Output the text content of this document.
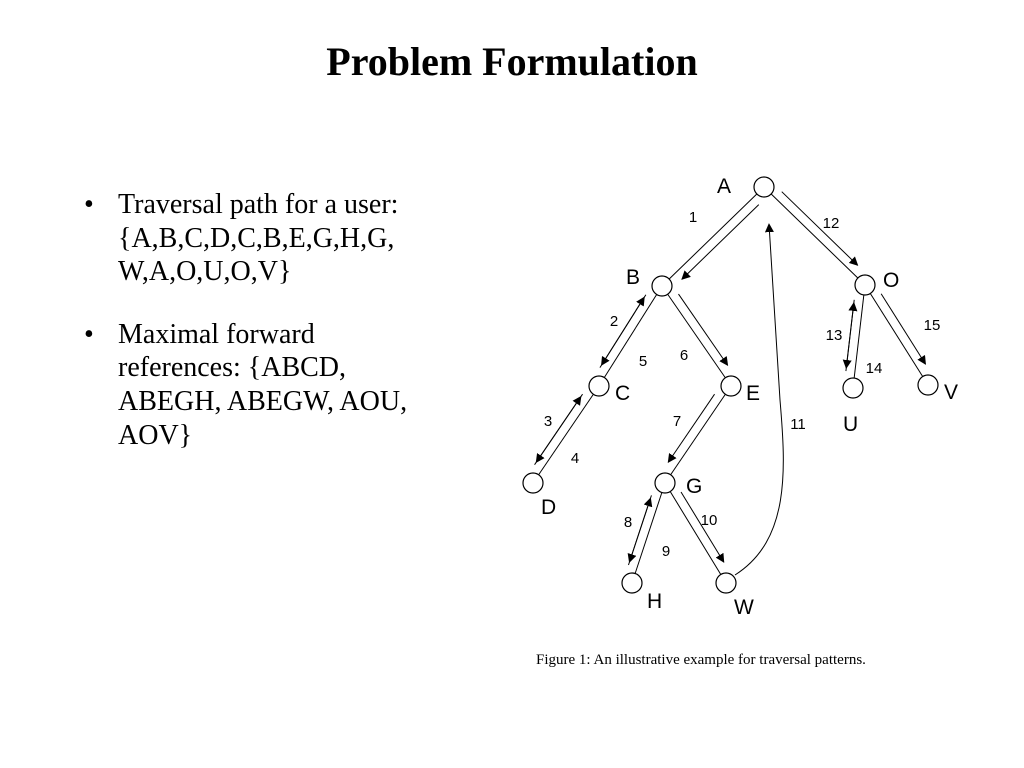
Problem Formulation
• Traversal path for a user:
{A,B,C,D,C,B,E,G,H,G,
W,A,O,U,O,V}
• Maximal forward
references: {ABCD,
ABEGH, ABEGW, AOU,
AOV}
1
2
3
4
5 6
7
8
9
10
11
12
13
14
15
A
B	O
C	E
U
V
D
G
H	W
Figure 1: An illustrative example for traversal patterns.
